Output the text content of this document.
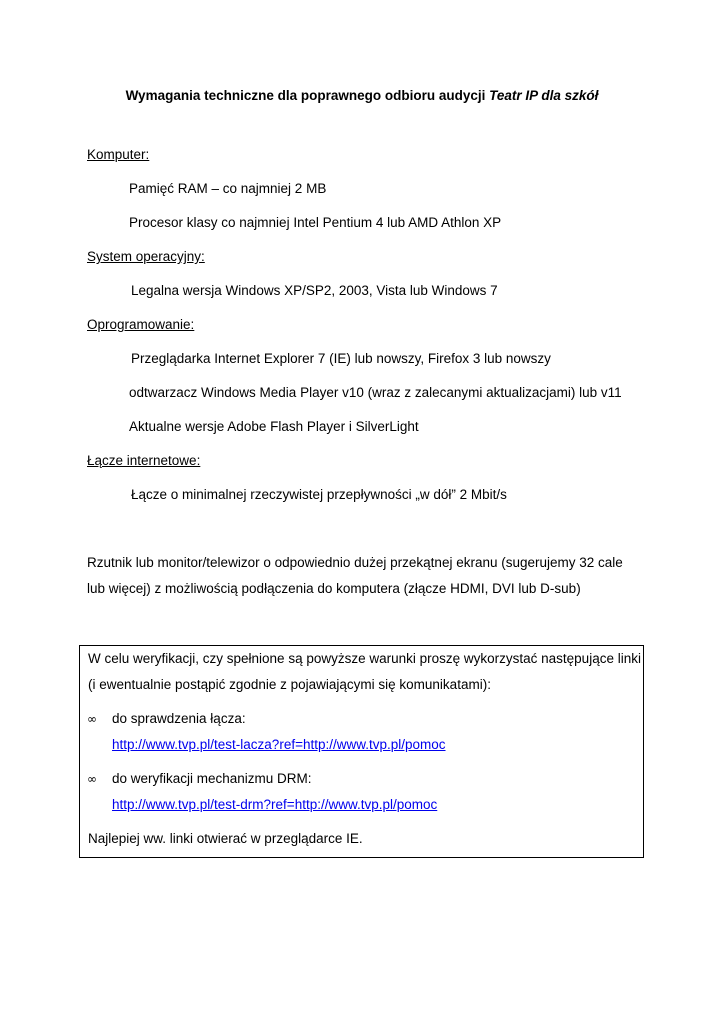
Wymagania techniczne dla poprawnego odbioru audycji Teatr IP dla szkół
Komputer:
Pamięć RAM – co najmniej 2 MB
Procesor klasy co najmniej Intel Pentium 4 lub AMD Athlon XP
System operacyjny:
Legalna wersja Windows XP/SP2, 2003, Vista lub Windows 7
Oprogramowanie:
Przeglądarka Internet Explorer 7 (IE) lub nowszy, Firefox 3 lub nowszy
odtwarzacz Windows Media Player v10 (wraz z zalecanymi aktualizacjami) lub v11
Aktualne wersje Adobe Flash Player i SilverLight
Łącze internetowe:
Łącze o minimalnej rzeczywistej przepływności „w dół” 2 Mbit/s
Rzutnik lub monitor/telewizor o odpowiednio dużej przekątnej ekranu (sugerujemy 32 cale
lub więcej) z możliwością podłączenia do komputera (złącze HDMI, DVI lub D-sub)
W celu weryfikacji, czy spełnione są powyższe warunki proszę wykorzystać następujące linki
(i ewentualnie postąpić zgodnie z pojawiającymi się komunikatami):
∞ do sprawdzenia łącza:
http://www.tvp.pl/test-lacza?ref=http://www.tvp.pl/pomoc
∞ do weryfikacji mechanizmu DRM:
http://www.tvp.pl/test-drm?ref=http://www.tvp.pl/pomoc
Najlepiej ww. linki otwierać w przeglądarce IE.
